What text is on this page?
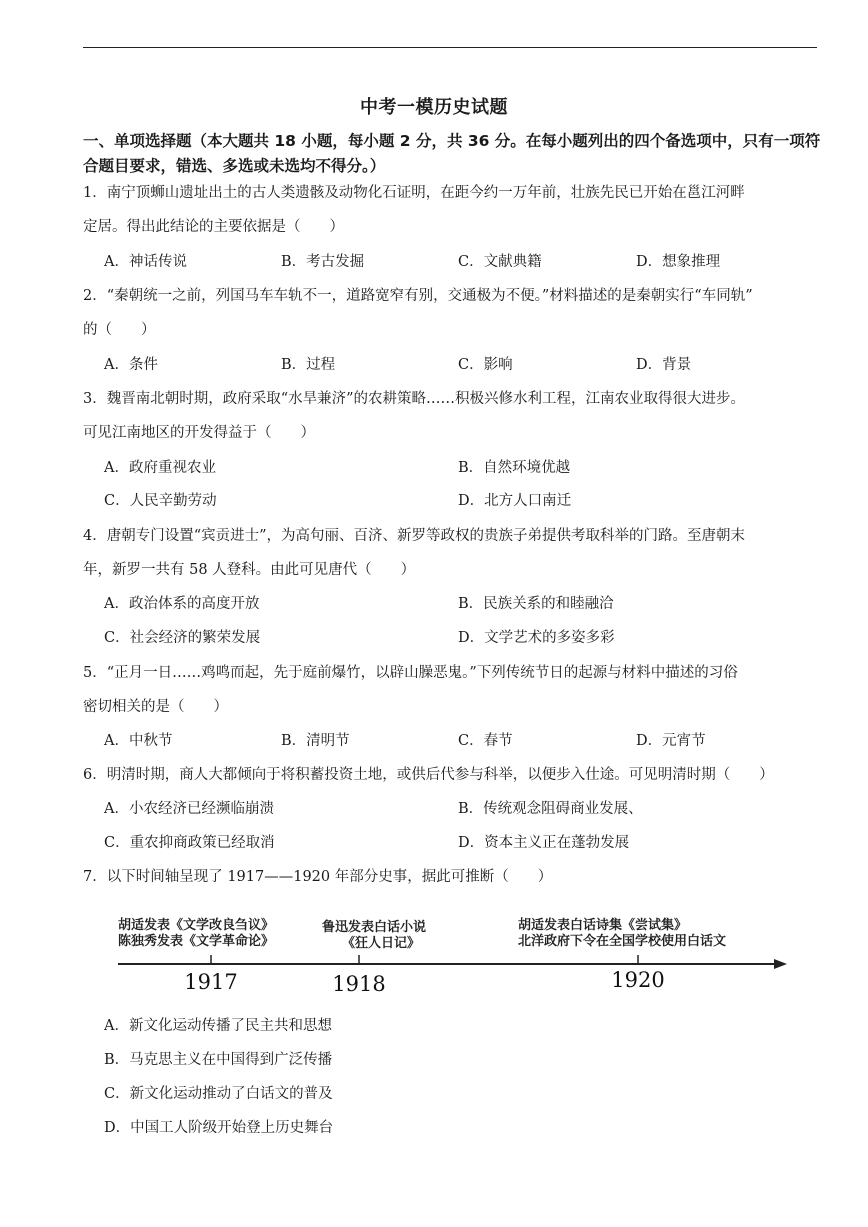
中考一模历史试题
一、单项选择题（本大题共 18 小题，每小题 2 分，共 36 分。在每小题列出的四个备选项中，只有一项符合题目要求，错选、多选或未选均不得分。）
1．南宁顶蛳山遗址出土的古人类遗骸及动物化石证明，在距今约一万年前，壮族先民已开始在邕江河畔
定居。得出此结论的主要依据是（　　）
A．神话传说	B．考古发掘	C．文献典籍	D．想象推理
2．“秦朝统一之前，列国马车车轨不一，道路宽窄有别，交通极为不便。”材料描述的是秦朝实行“车同轨”
的（　　）
A．条件	B．过程	C．影响	D．背景
3．魏晋南北朝时期，政府采取“水旱兼济”的农耕策略……积极兴修水利工程，江南农业取得很大进步。
可见江南地区的开发得益于（　　）
A．政府重视农业	B．自然环境优越
C．人民辛勤劳动	D．北方人口南迁
4．唐朝专门设置“宾贡进士”，为高句丽、百济、新罗等政权的贵族子弟提供考取科举的门路。至唐朝末
年，新罗一共有 58 人登科。由此可见唐代（　　）
A．政治体系的高度开放	B．民族关系的和睦融洽
C．社会经济的繁荣发展	D．文学艺术的多姿多彩
5．“正月一日……鸡鸣而起，先于庭前爆竹，以辟山臊恶鬼。”下列传统节日的起源与材料中描述的习俗
密切相关的是（　　）
A．中秋节	B．清明节	C．春节	D．元宵节
6．明清时期，商人大都倾向于将积蓄投资土地，或供后代参与科举，以便步入仕途。可见明清时期（　　）
A．小农经济已经濒临崩溃	B．传统观念阻碍商业发展、
C．重农抑商政策已经取消	D．资本主义正在蓬勃发展
7．以下时间轴呈现了 1917——1920 年部分史事，据此可推断（　　）
胡适发表《文学改良刍议》
陈独秀发表《文学革命论》
鲁迅发表白话小说
《狂人日记》
胡适发表白话诗集《尝试集》
北洋政府下令在全国学校使用白话文
1917	1918	1920
A．新文化运动传播了民主共和思想
B．马克思主义在中国得到广泛传播
C．新文化运动推动了白话文的普及
D．中国工人阶级开始登上历史舞台
